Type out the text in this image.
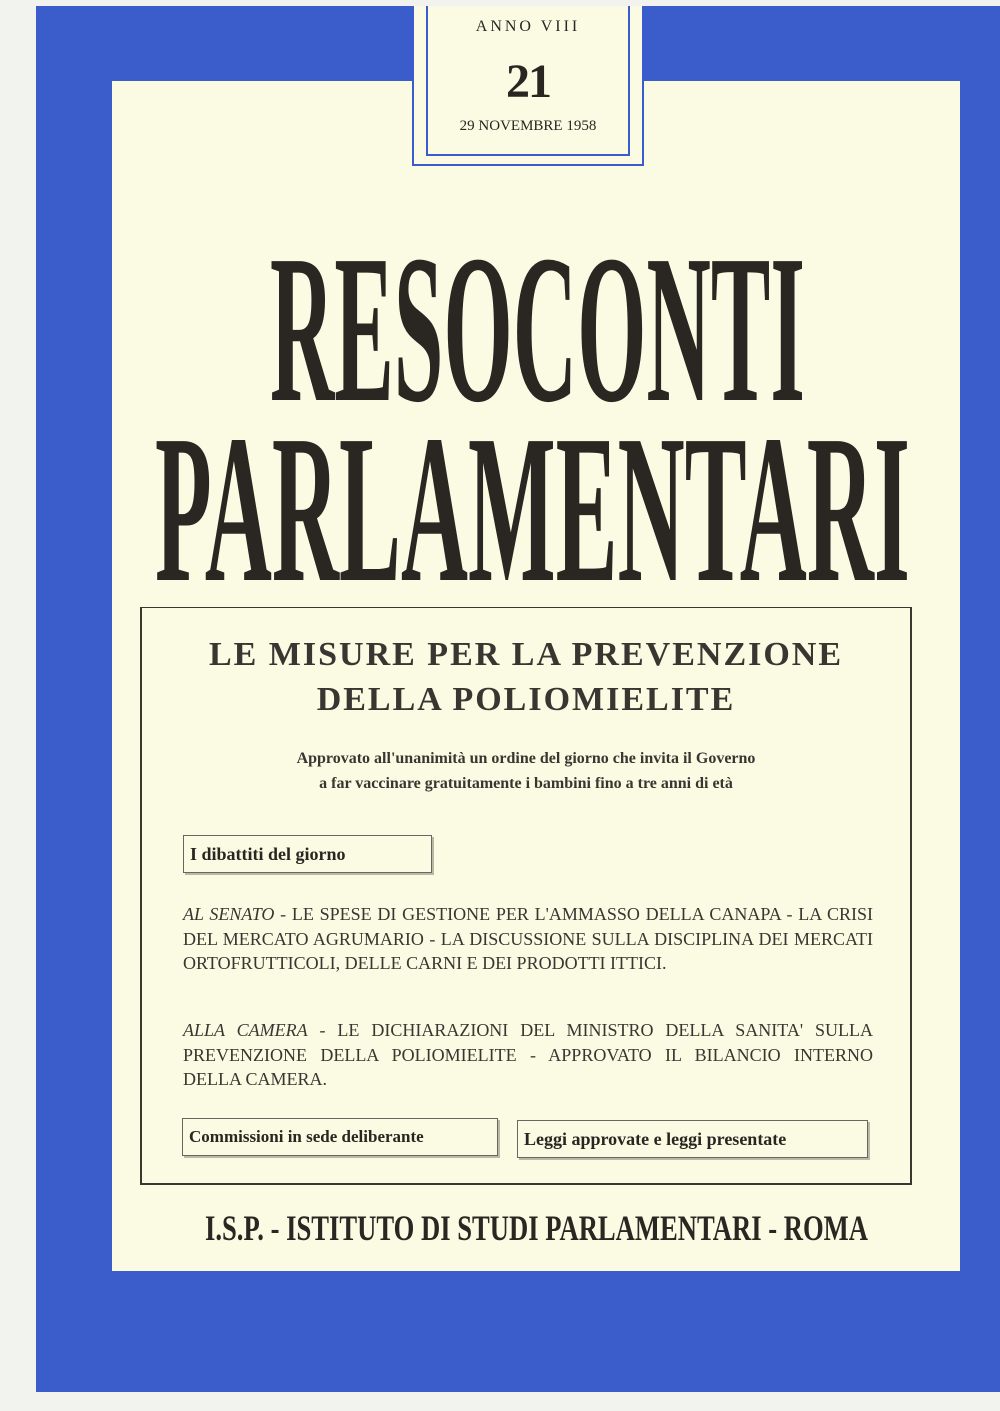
ANNO VIII
21
29 NOVEMBRE 1958
RESOCONTI
PARLAMENTARI
LE MISURE PER LA PREVENZIONE
DELLA POLIOMIELITE
Approvato all'unanimità un ordine del giorno che invita il Governo
a far vaccinare gratuitamente i bambini fino a tre anni di età
I dibattiti del giorno
AL SENATO - LE SPESE DI GESTIONE PER L'AMMASSO DELLA CANAPA - LA CRISI DEL MERCATO AGRUMARIO - LA DISCUSSIONE SULLA DISCIPLINA DEI MERCATI ORTOFRUTTICOLI, DELLE CARNI E DEI PRODOTTI ITTICI.
ALLA CAMERA - LE DICHIARAZIONI DEL MINISTRO DELLA SANITA' SULLA PREVENZIONE DELLA POLIOMIELITE - APPROVATO IL BILANCIO INTERNO DELLA CAMERA.
Commissioni in sede deliberante	Leggi approvate e leggi presentate
I.S.P. - ISTITUTO DI STUDI PARLAMENTARI - ROMA
